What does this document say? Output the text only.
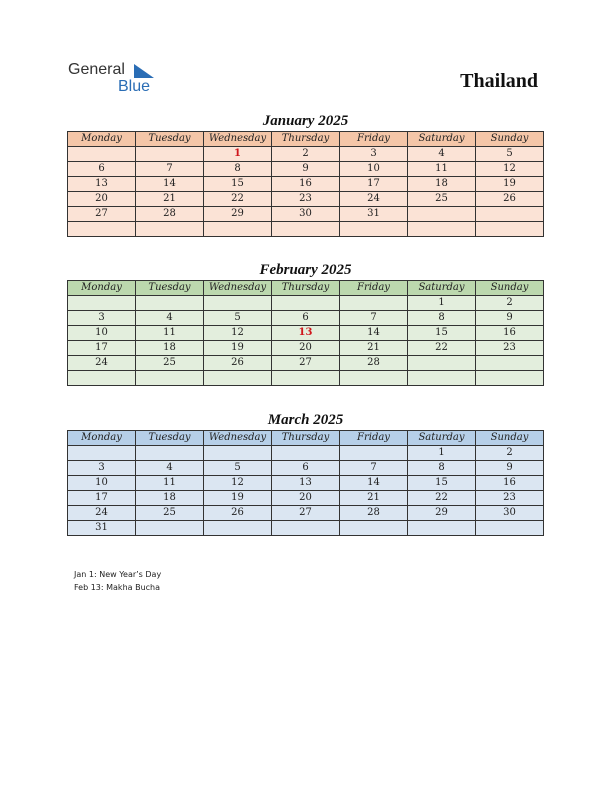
General
Blue	Thailand
January 2025
Monday	Tuesday	Wednesday	Thursday	Friday	Saturday	Sunday
		1	2	3	4	5
6	7	8	9	10	11	12
13	14	15	16	17	18	19
20	21	22	23	24	25	26
27	28	29	30	31		

February 2025
Monday	Tuesday	Wednesday	Thursday	Friday	Saturday	Sunday
					1	2
3	4	5	6	7	8	9
10	11	12	13	14	15	16
17	18	19	20	21	22	23
24	25	26	27	28		

March 2025
Monday	Tuesday	Wednesday	Thursday	Friday	Saturday	Sunday
					1	2
3	4	5	6	7	8	9
10	11	12	13	14	15	16
17	18	19	20	21	22	23
24	25	26	27	28	29	30
31						
Jan 1: New Year’s Day
Feb 13: Makha Bucha
